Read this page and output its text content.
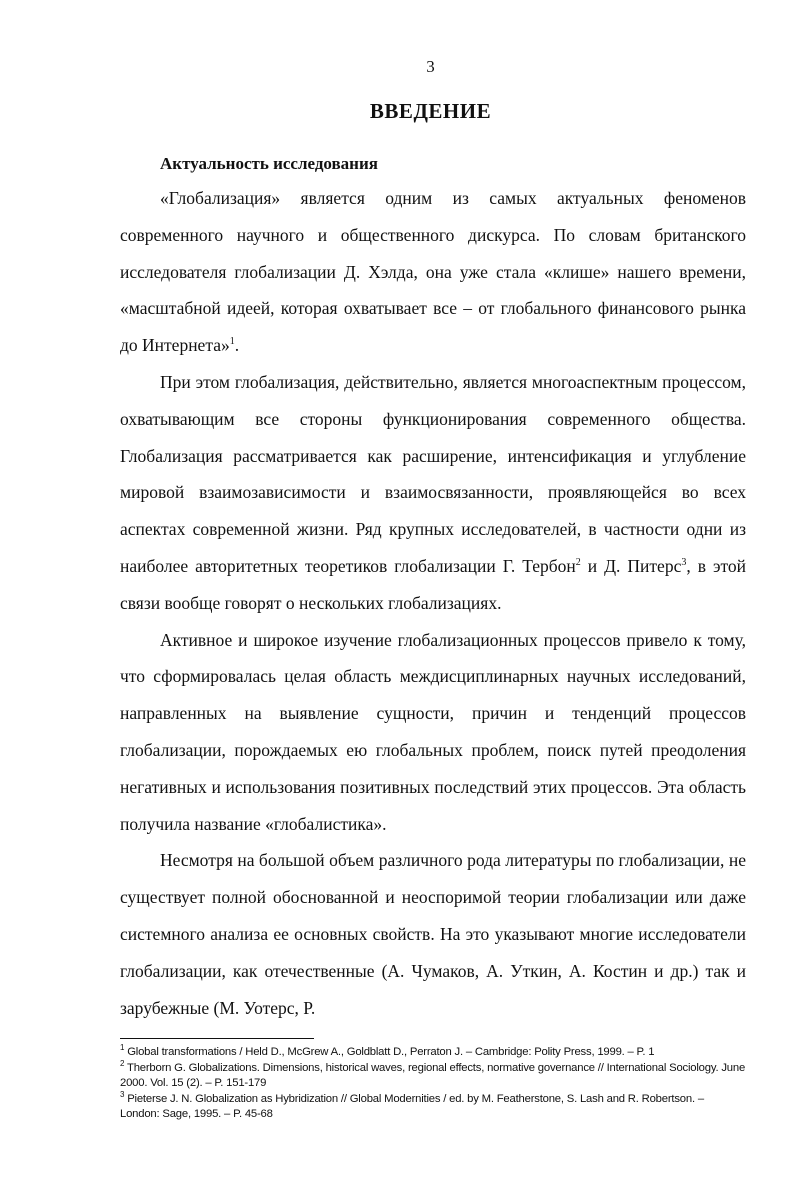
3
ВВЕДЕНИЕ
Актуальность исследования

«Глобализация» является одним из самых актуальных феноменов современного научного и общественного дискурса. По словам британского исследователя глобализации Д. Хэлда, она уже стала «клише» нашего времени, «масштабной идеей, которая охватывает все – от глобального финансового рынка до Интернета»$^1$.

При этом глобализация, действительно, является многоаспектным процессом, охватывающим все стороны функционирования современного общества. Глобализация рассматривается как расширение, интенсификация и углубление мировой взаимозависимости и взаимосвязанности, проявляющейся во всех аспектах современной жизни. Ряд крупных исследователей, в частности одни из наиболее авторитетных теоретиков глобализации Г. Тербон$^2$ и Д. Питерс$^3$, в этой связи вообще говорят о нескольких глобализациях.

Активное и широкое изучение глобализационных процессов привело к тому, что сформировалась целая область междисциплинарных научных исследований, направленных на выявление сущности, причин и тенденций процессов глобализации, порождаемых ею глобальных проблем, поиск путей преодоления негативных и использования позитивных последствий этих процессов. Эта область получила название «глобалистика».

Несмотря на большой объем различного рода литературы по глобализации, не существует полной обоснованной и неоспоримой теории глобализации или даже системного анализа ее основных свойств. На это указывают многие исследователи глобализации, как отечественные (А. Чумаков, А. Уткин, А. Костин и др.) так и зарубежные (М. Уотерс, Р.

$^1$ Global transformations / Held D., McGrew A., Goldblatt D., Perraton J. – Cambridge: Polity Press, 1999. – P. 1

$^2$ Therborn G. Globalizations. Dimensions, historical waves, regional effects, normative governance // International Sociology. June 2000. Vol. 15 (2). – P. 151-179

$^3$ Pieterse J. N. Globalization as Hybridization // Global Modernities / ed. by M. Featherstone, S. Lash and R. Robertson. – London: Sage, 1995. – P. 45-68
